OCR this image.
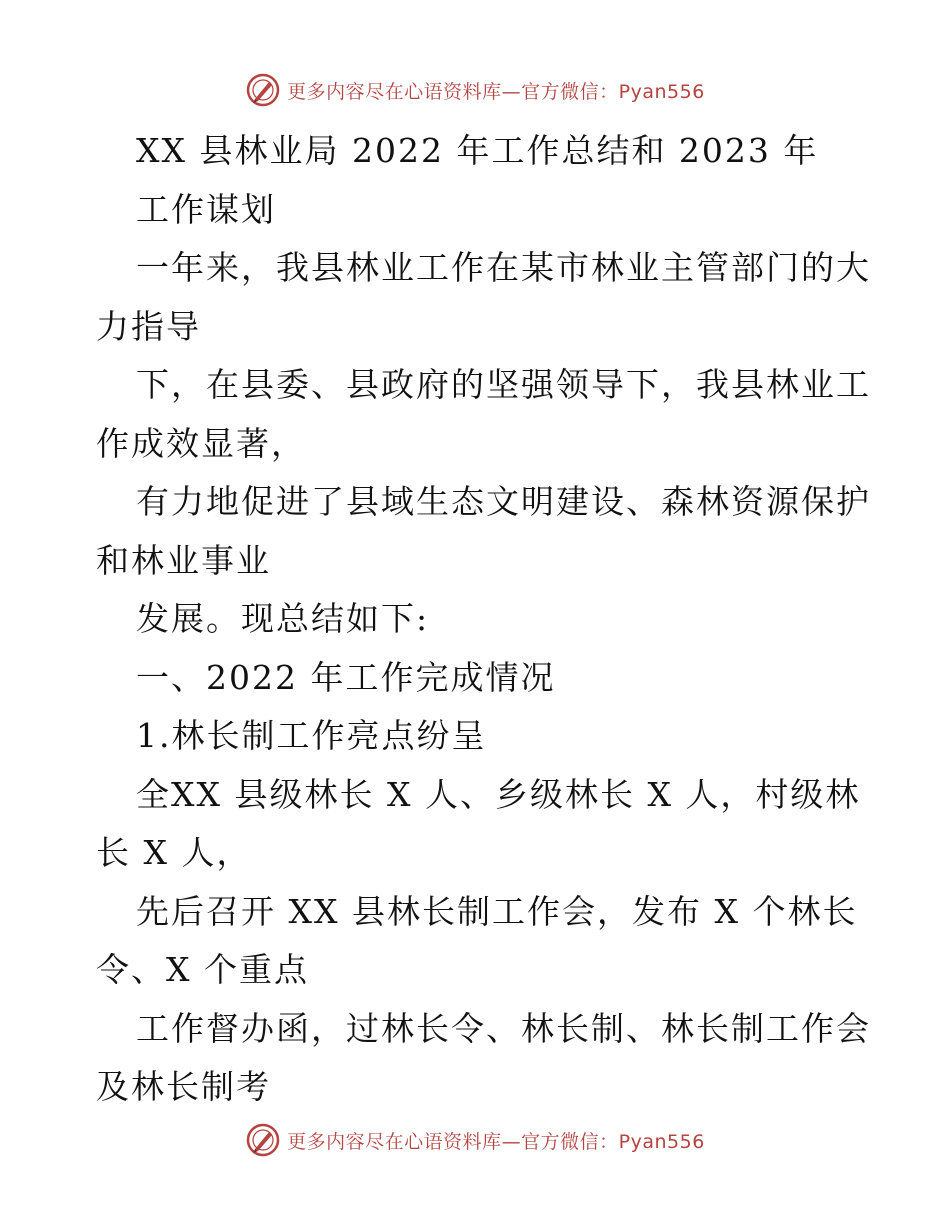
更多内容尽在心语资料库—官方微信：Pyan556
XX 县林业局 2022 年工作总结和 2023 年
工作谋划
一年来，我县林业工作在某市林业主管部门的大
力指导
下，在县委、县政府的坚强领导下，我县林业工
作成效显著，
有力地促进了县域生态文明建设、森林资源保护
和林业事业
发展。现总结如下:
一、2022 年工作完成情况
1.林长制工作亮点纷呈
全XX 县级林长 X 人、乡级林长 X 人，村级林
长 X 人，
先后召开 XX 县林长制工作会，发布 X 个林长
令、X 个重点
工作督办函，过林长令、林长制、林长制工作会
及林长制考
更多内容尽在心语资料库—官方微信：Pyan556
